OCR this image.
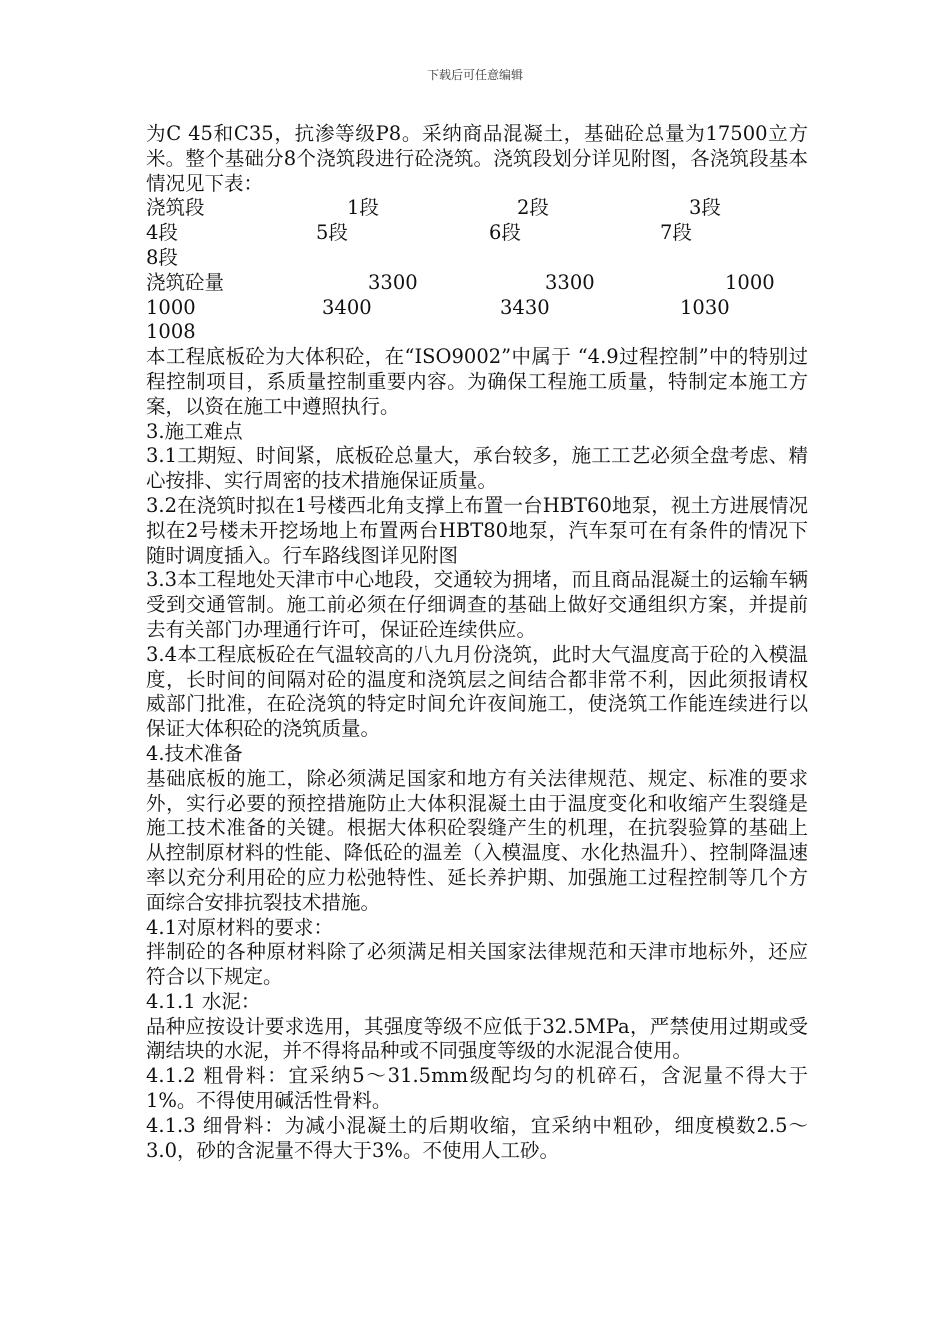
下载后可任意编辑

为C 45和C35，抗渗等级P8。采纳商品混凝土，基础砼总量为17500立方米。整个基础分8个浇筑段进行砼浇筑。浇筑段划分详见附图，各浇筑段基本情况见下表：

浇筑段	1段	2段	3段
4段	5段	6段	7段
8段
浇筑砼量	3300	3300	1000
1000	3400	3430	1030
1008

本工程底板砼为大体积砼，在“ISO9002”中属于 “4.9过程控制”中的特别过程控制项目，系质量控制重要内容。为确保工程施工质量，特制定本施工方案，以资在施工中遵照执行。

3.施工难点

3.1工期短、时间紧，底板砼总量大，承台较多，施工工艺必须全盘考虑、精心按排、实行周密的技术措施保证质量。

3.2在浇筑时拟在1号楼西北角支撑上布置一台HBT60地泵，视土方进展情况拟在2号楼未开挖场地上布置两台HBT80地泵，汽车泵可在有条件的情况下随时调度插入。行车路线图详见附图

3.3本工程地处天津市中心地段，交通较为拥堵，而且商品混凝土的运输车辆受到交通管制。施工前必须在仔细调查的基础上做好交通组织方案，并提前去有关部门办理通行许可，保证砼连续供应。

3.4本工程底板砼在气温较高的八九月份浇筑，此时大气温度高于砼的入模温度，长时间的间隔对砼的温度和浇筑层之间结合都非常不利，因此须报请权威部门批准，在砼浇筑的特定时间允许夜间施工，使浇筑工作能连续进行以保证大体积砼的浇筑质量。

4.技术准备

基础底板的施工，除必须满足国家和地方有关法律规范、规定、标准的要求外，实行必要的预控措施防止大体积混凝土由于温度变化和收缩产生裂缝是施工技术准备的关键。根据大体积砼裂缝产生的机理，在抗裂验算的基础上从控制原材料的性能、降低砼的温差（入模温度、水化热温升）、控制降温速率以充分利用砼的应力松弛特性、延长养护期、加强施工过程控制等几个方面综合安排抗裂技术措施。

4.1对原材料的要求：

拌制砼的各种原材料除了必须满足相关国家法律规范和天津市地标外，还应符合以下规定。

4.1.1 水泥：

品种应按设计要求选用，其强度等级不应低于32.5MPa，严禁使用过期或受潮结块的水泥，并不得将品种或不同强度等级的水泥混合使用。

4.1.2 粗骨料：宜采纳5～31.5mm级配均匀的机碎石，含泥量不得大于1%。不得使用碱活性骨料。

4.1.3 细骨料：为减小混凝土的后期收缩，宜采纳中粗砂，细度模数2.5～3.0，砂的含泥量不得大于3%。不使用人工砂。
